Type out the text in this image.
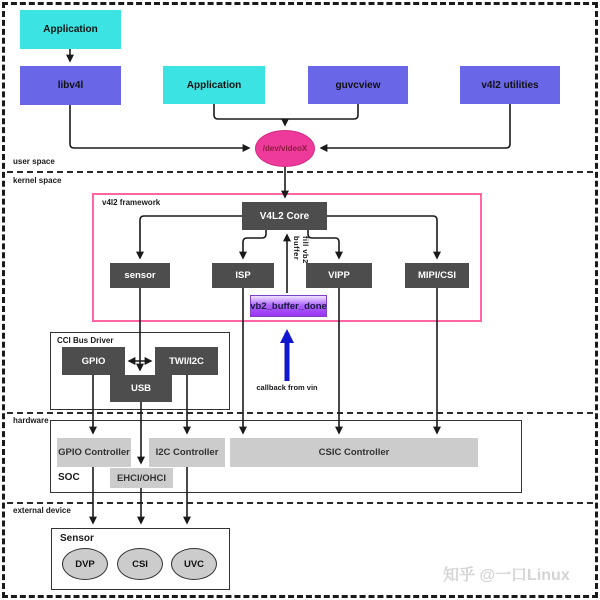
user space
kernel space
hardware
external device
v4l2 framework
CCI Bus Driver
SOC
Sensor
Application
libv4l	Application	guvcview	v4l2 utilities
/dev/videoX
V4L2 Core
sensor	ISP	VIPP	MIPI/CSI
fill vb2 buffer
vb2_buffer_done
GPIO	TWI/I2C
USB	callback from vin
GPIO Controller	I2C Controller	CSIC Controller
EHCI/OHCI
DVP	CSI	UVC
知乎 @一口Linux
